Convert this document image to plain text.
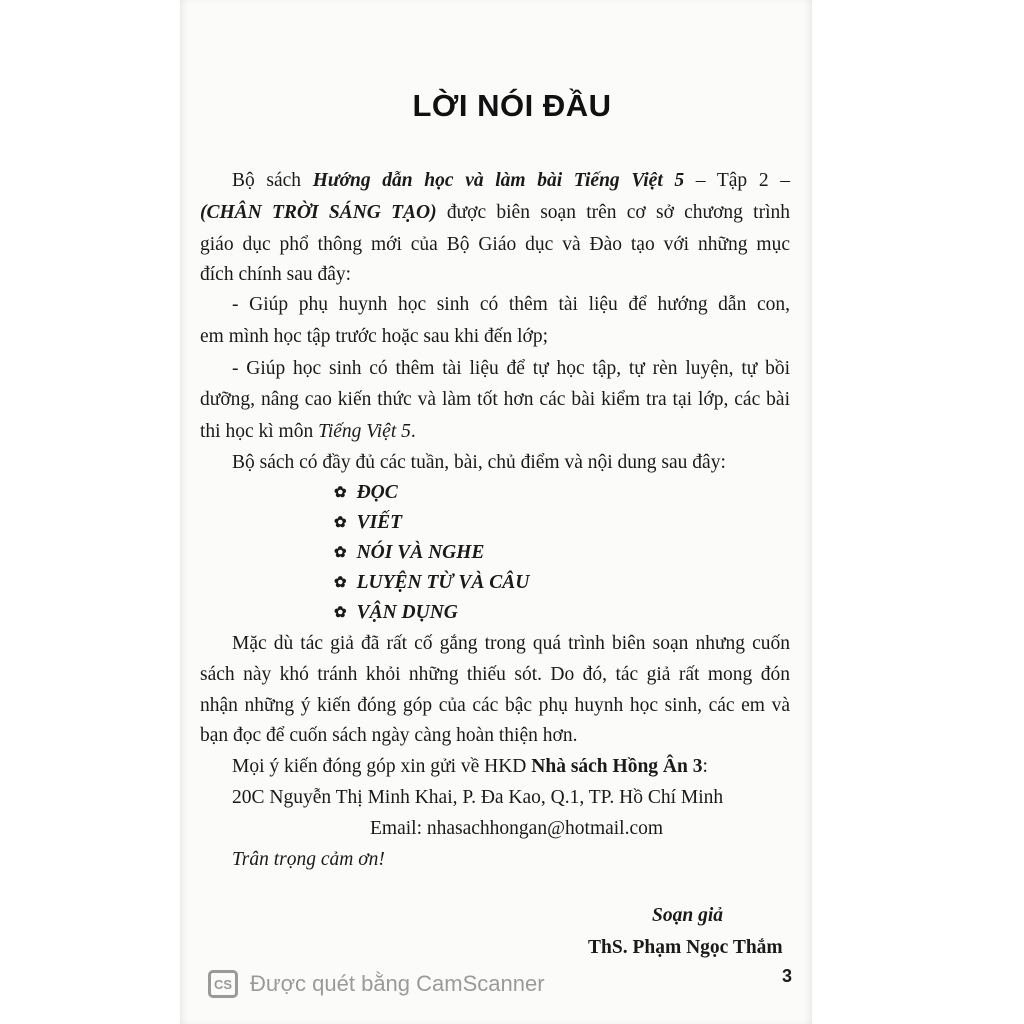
LỜI NÓI ĐẦU
Bộ sách Hướng dẫn học và làm bài Tiếng Việt 5 – Tập 2 –
(CHÂN TRỜI SÁNG TẠO) được biên soạn trên cơ sở chương trình
giáo dục phổ thông mới của Bộ Giáo dục và Đào tạo với những mục
đích chính sau đây:
- Giúp phụ huynh học sinh có thêm tài liệu để hướng dẫn con,
em mình học tập trước hoặc sau khi đến lớp;
- Giúp học sinh có thêm tài liệu để tự học tập, tự rèn luyện, tự bồi
dưỡng, nâng cao kiến thức và làm tốt hơn các bài kiểm tra tại lớp, các bài
thi học kì môn Tiếng Việt 5.
Bộ sách có đầy đủ các tuần, bài, chủ điểm và nội dung sau đây:
✿ ĐỌC
✿ VIẾT
✿ NÓI VÀ NGHE
✿ LUYỆN TỪ VÀ CÂU
✿ VẬN DỤNG
Mặc dù tác giả đã rất cố gắng trong quá trình biên soạn nhưng cuốn
sách này khó tránh khỏi những thiếu sót. Do đó, tác giả rất mong đón
nhận những ý kiến đóng góp của các bậc phụ huynh học sinh, các em và
bạn đọc để cuốn sách ngày càng hoàn thiện hơn.
Mọi ý kiến đóng góp xin gửi về HKD Nhà sách Hồng Ân 3:
20C Nguyễn Thị Minh Khai, P. Đa Kao, Q.1, TP. Hồ Chí Minh
Email: nhasachhongan@hotmail.com
Trân trọng cảm ơn!
Soạn giả
ThS. Phạm Ngọc Thắm
3
CS Được quét bằng CamScanner
